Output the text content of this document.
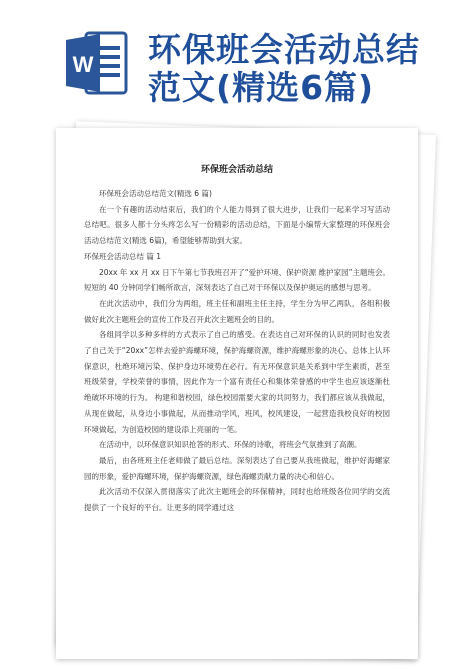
W 环保班会活动总结
范文(精选6篇)
环保班会活动总结

环保班会活动总结范文(精选 6 篇)

在一个有趣的活动结束后，我们的个人能力得到了很大进步，让我们一起来学习写活动总结吧。很多人都十分头疼怎么写一份精彩的活动总结，下面是小编帮大家整理的环保班会活动总结范文(精选 6篇)，希望能够帮助到大家。

环保班会活动总结 篇 1

20xx 年 xx 月 xx 日下午第七节我班召开了“爱护环境、保护资源 维护家园”主题班会。短短的 40 分钟同学们畅所欲言，深刻表达了自己对于环保以及保护奥运的感想与思考。

在此次活动中，我们分为两组，班主任和副班主任主持，学生分为甲乙两队，各组积极做好此次主题班会的宣传工作及召开此次主题班会的目的。

各组同学以多种多样的方式表示了自己的感受。在表达自己对环保的认识的同时也发表了自己关于“20xx”怎样去爱护海螺环境，保护海螺资源，维护海螺形象的决心。总体上认环保意识，杜绝环境污染、保护身边环境势在必行。有无环保意识是关系到中学生素质，甚至班级荣誉，学校荣誉的事情，因此作为一个富有责任心和集体荣誉感的中学生也应该逐渐杜绝破坏环境的行为。 构建和谐校园，绿色校园需要大家的共同努力，我们都应该从我做起，从现在做起，从身边小事做起，从而推动学风，班风，校风建设，一起营造我校良好的校园环境做起，为创造校园的建设添上亮丽的一笔。

在活动中，以环保意识知识抢答的形式、环保的诗歌，将班会气氛推到了高潮。

最后，由各班班主任老师做了最后总结。深刻表达了自己要从我班做起，维护好海螺家园的形象，爱护海螺环境，保护海螺资源，绿色海螺贡献力量的决心和信心。

此次活动不仅深入贯彻落实了此次主题班会的环保精神，同时也给班级各位同学的交流提供了一个良好的平台。让更多的同学通过这
